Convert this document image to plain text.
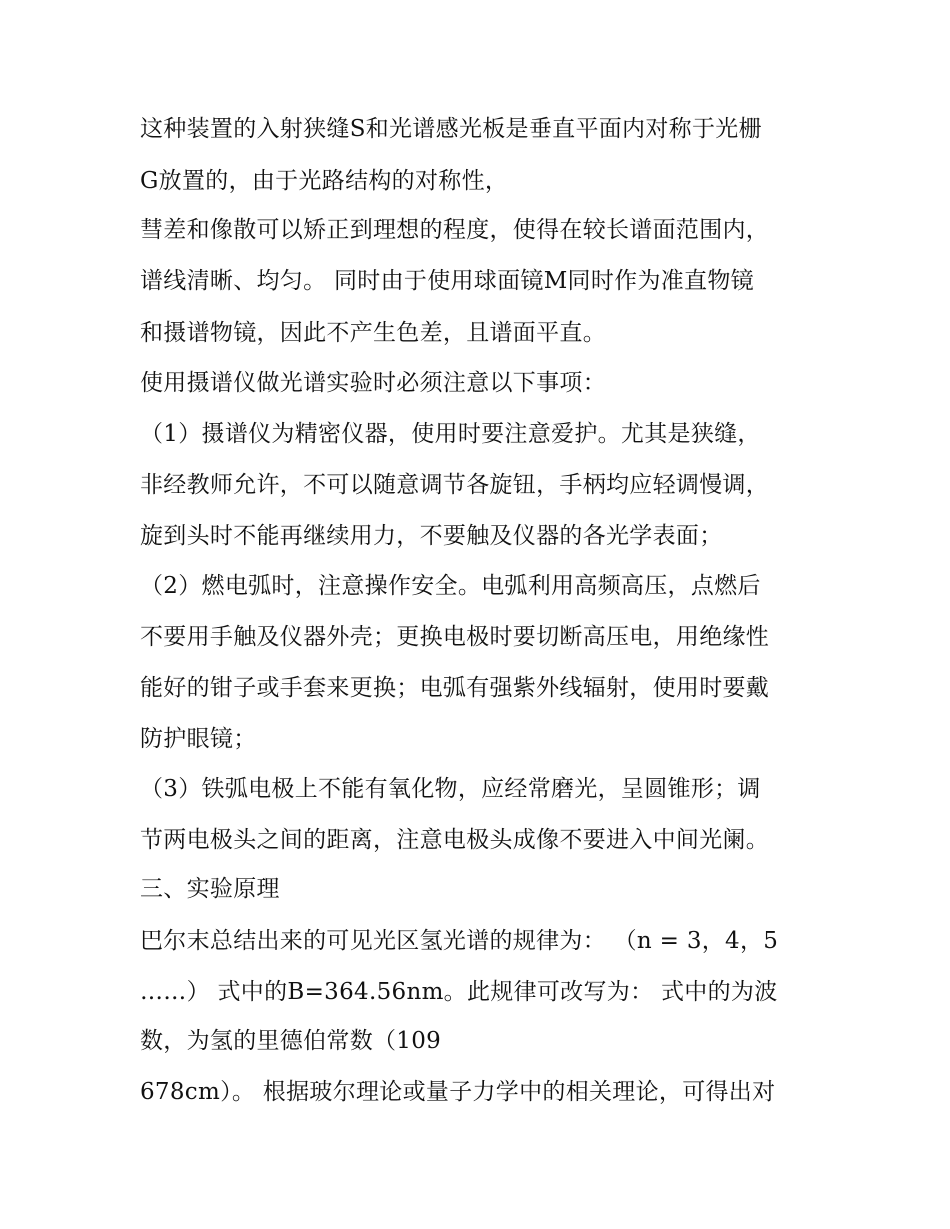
这种装置的入射狭缝S和光谱感光板是垂直平面内对称于光栅
G放置的，由于光路结构的对称性，
彗差和像散可以矫正到理想的程度，使得在较长谱面范围内，
谱线清晰、均匀。 同时由于使用球面镜M同时作为准直物镜
和摄谱物镜，因此不产生色差，且谱面平直。
使用摄谱仪做光谱实验时必须注意以下事项：
（1）摄谱仪为精密仪器，使用时要注意爱护。尤其是狭缝，
非经教师允许，不可以随意调节各旋钮，手柄均应轻调慢调，
旋到头时不能再继续用力，不要触及仪器的各光学表面；
（2）燃电弧时，注意操作安全。电弧利用高频高压，点燃后
不要用手触及仪器外壳；更换电极时要切断高压电，用绝缘性
能好的钳子或手套来更换；电弧有强紫外线辐射，使用时要戴
防护眼镜；
（3）铁弧电极上不能有氧化物，应经常磨光，呈圆锥形；调
节两电极头之间的距离，注意电极头成像不要进入中间光阑。
三、实验原理
巴尔末总结出来的可见光区氢光谱的规律为： （n = 3，4，5
……） 式中的B=364.56nm。此规律可改写为： 式中的为波
数，为氢的里德伯常数（109
678cm）。 根据玻尔理论或量子力学中的相关理论，可得出对
